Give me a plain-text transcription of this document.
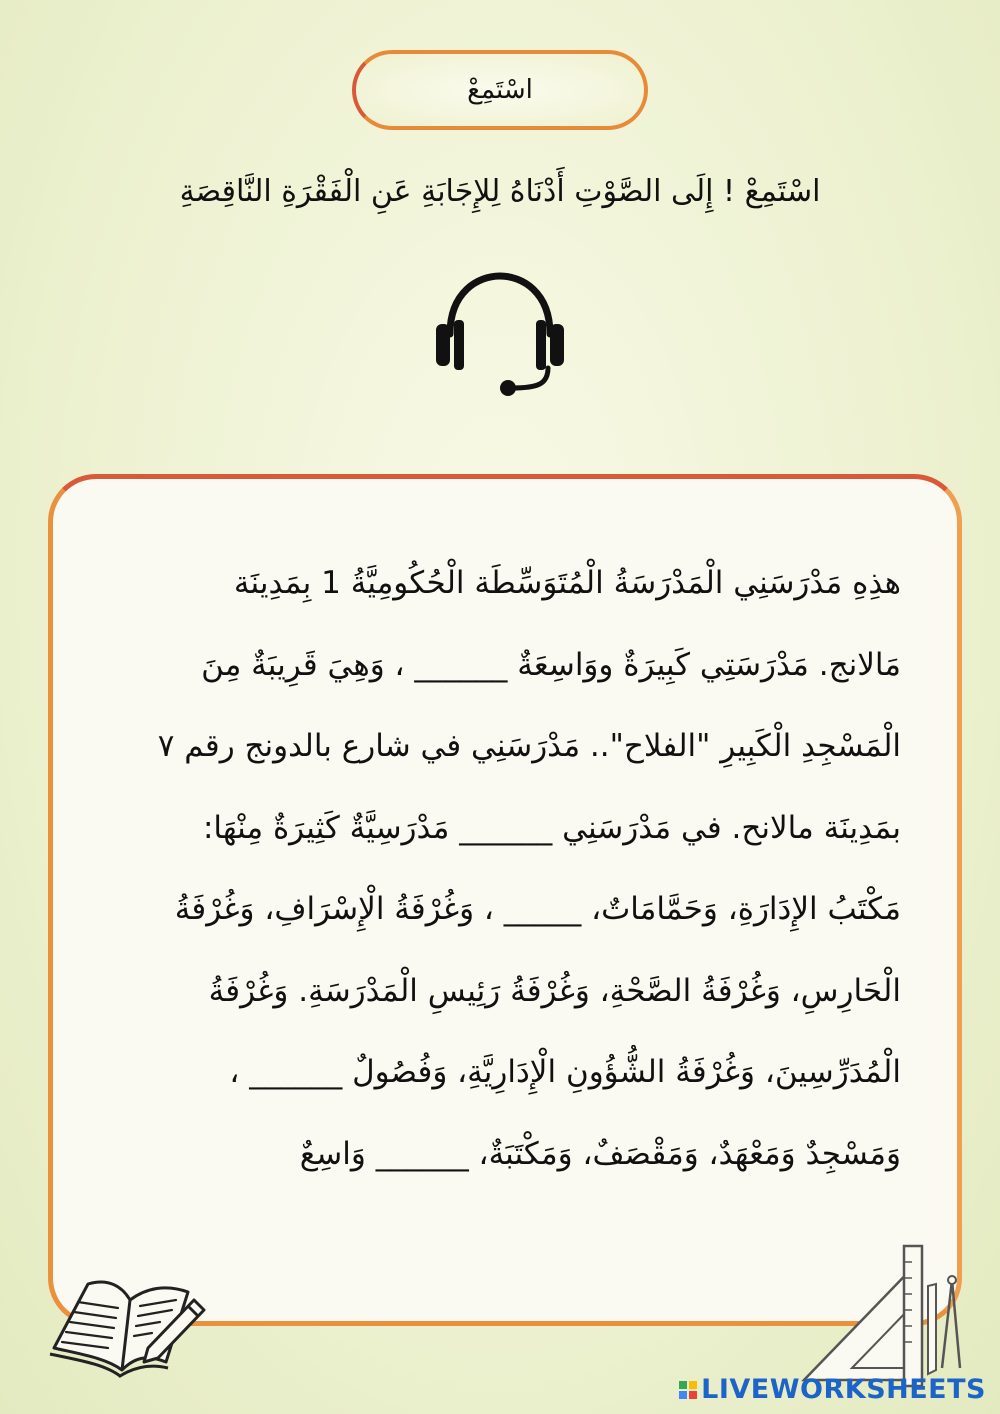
اسْتَمِعْ
اسْتَمِعْ ! إِلَى الصَّوْتِ أَدْنَاهُ لِلإِجَابَةِ عَنِ الْفَقْرَةِ النَّاقِصَةِ
هذِهِ مَدْرَسَنِي الْمَدْرَسَةُ الْمُتَوَسِّطَة الْحُكُومِيَّةُ 1 بِمَدِينَة
مَالانج. مَدْرَسَتِي كَبِيرَةٌ ووَاسِعَةٌ ______ ، وَهِيَ قَرِيبَةٌ مِنَ
الْمَسْجِدِ الْكَبِيرِ "الفلاح".. مَدْرَسَنِي في شارع بالدونج رقم ٧
بمَدِينَة مالانح. في مَدْرَسَنِي ______ مَدْرَسِيَّةٌ كَثِيرَةٌ مِنْهَا:
مَكْتَبُ الإِدَارَةِ، وَحَمَّامَاتٌ، _____ ، وَغُرْفَةُ الْإِسْرَافِ، وَغُرْفَةُ
الْحَارِسِ، وَغُرْفَةُ الصَّحْةِ، وَغُرْفَةُ رَئِيسِ الْمَدْرَسَةِ. وَغُرْفَةُ
الْمُدَرِّسِينَ، وَغُرْفَةُ الشُّؤُونِ الْإِدَارِيَّةِ، وَفُصُولٌ ______ ،
وَمَسْجِدٌ وَمَعْهَدٌ، وَمَقْصَفٌ، وَمَكْتَبَةٌ، ______ وَاسِعٌ
LIVEWORKSHEETS
